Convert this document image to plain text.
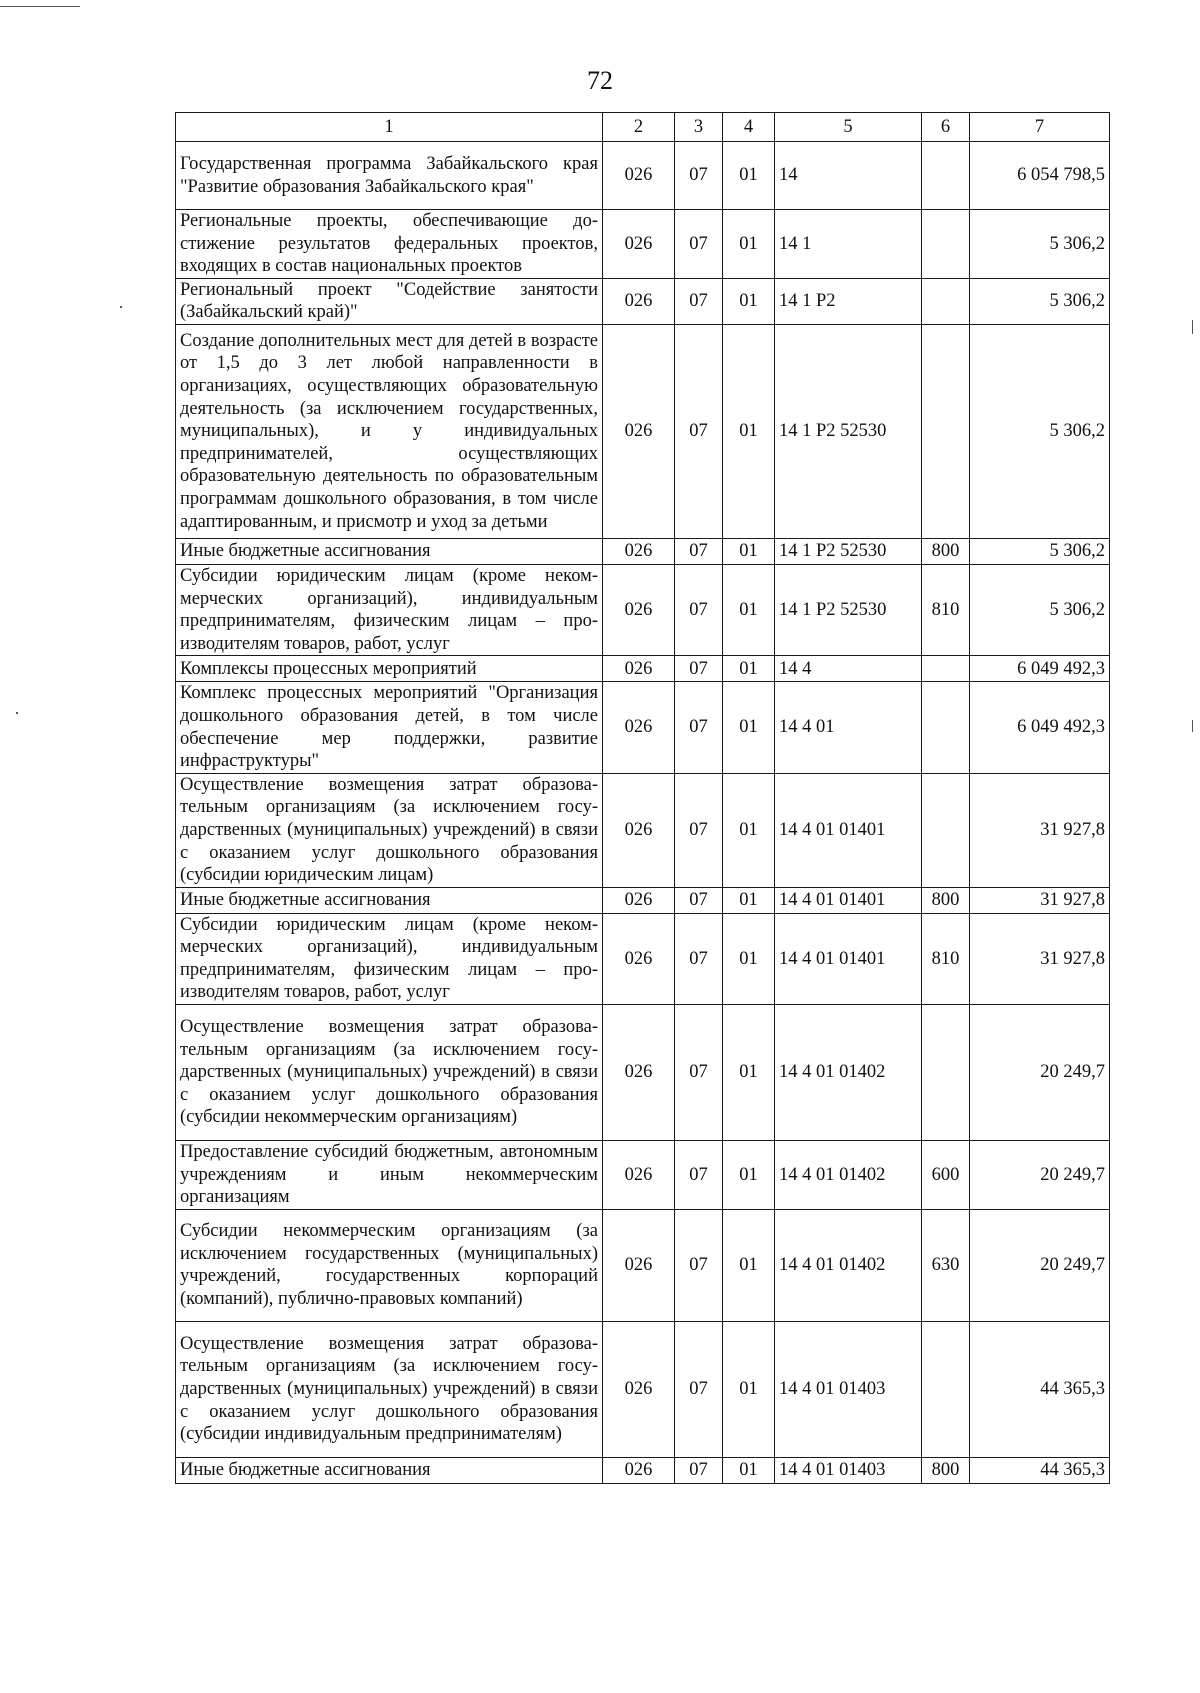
72
1	2	3	4	5	6	7
Государственная программа Забайкальского края "Развитие образования Забайкальского края"	026	07	01	14		6 054 798,5
Региональные проекты, обеспечивающие достижение результатов федеральных проектов, входящих в состав национальных проектов	026	07	01	14 1		5 306,2
Региональный проект "Содействие занятости (Забайкальский край)"	026	07	01	14 1 Р2		5 306,2
Создание дополнительных мест для детей в возрасте от 1,5 до 3 лет любой направленности в организациях, осуществляющих образовательную деятельность (за исключением государственных, муниципальных), и у индивидуальных предпринимателей, осуществляющих образовательную деятельность по образовательным программам дошкольного образования, в том числе адаптированным, и присмотр и уход за детьми	026	07	01	14 1 Р2 52530		5 306,2
Иные бюджетные ассигнования	026	07	01	14 1 Р2 52530	800	5 306,2
Субсидии юридическим лицам (кроме некоммерческих организаций), индивидуальным предпринимателям, физическим лицам – производителям товаров, работ, услуг	026	07	01	14 1 Р2 52530	810	5 306,2
Комплексы процессных мероприятий	026	07	01	14 4		6 049 492,3
Комплекс процессных мероприятий "Организация дошкольного образования детей, в том числе обеспечение мер поддержки, развитие инфраструктуры"	026	07	01	14 4 01		6 049 492,3
Осуществление возмещения затрат образовательным организациям (за исключением государственных (муниципальных) учреждений) в связи с оказанием услуг дошкольного образования (субсидии юридическим лицам)	026	07	01	14 4 01 01401		31 927,8
Иные бюджетные ассигнования	026	07	01	14 4 01 01401	800	31 927,8
Субсидии юридическим лицам (кроме некоммерческих организаций), индивидуальным предпринимателям, физическим лицам – производителям товаров, работ, услуг	026	07	01	14 4 01 01401	810	31 927,8
Осуществление возмещения затрат образовательным организациям (за исключением государственных (муниципальных) учреждений) в связи с оказанием услуг дошкольного образования (субсидии некоммерческим организациям)	026	07	01	14 4 01 01402		20 249,7
Предоставление субсидий бюджетным, автономным учреждениям и иным некоммерческим организациям	026	07	01	14 4 01 01402	600	20 249,7
Субсидии некоммерческим организациям (за исключением государственных (муниципальных) учреждений, государственных корпораций (компаний), публично-правовых компаний)	026	07	01	14 4 01 01402	630	20 249,7
Осуществление возмещения затрат образовательным организациям (за исключением государственных (муниципальных) учреждений) в связи с оказанием услуг дошкольного образования (субсидии индивидуальным предпринимателям)	026	07	01	14 4 01 01403		44 365,3
Иные бюджетные ассигнования	026	07	01	14 4 01 01403	800	44 365,3
